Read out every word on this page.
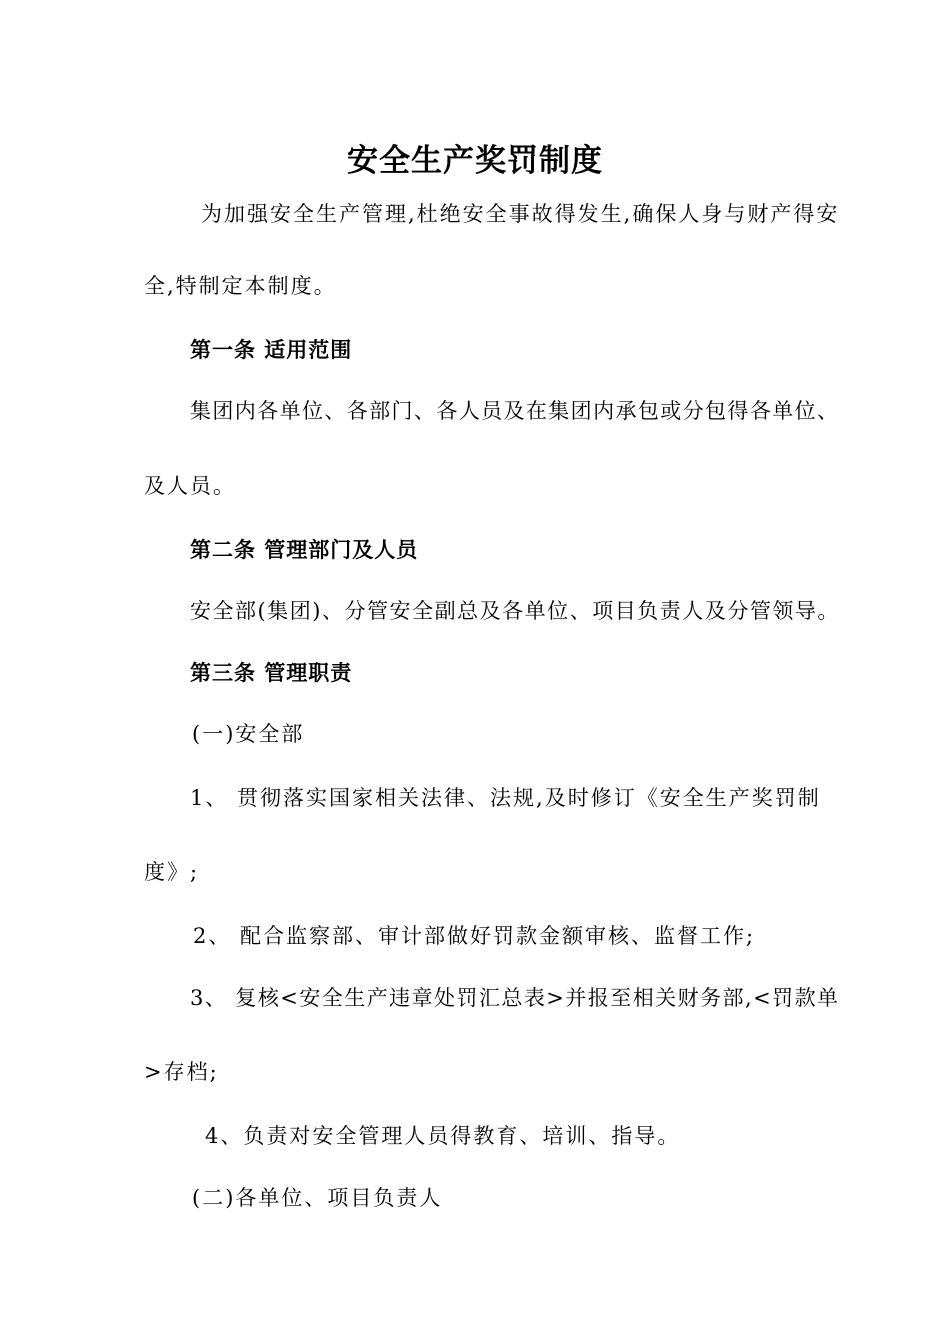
安全生产奖罚制度
为加强安全生产管理,杜绝安全事故得发生,确保人身与财产得安
全,特制定本制度。
第一条 适用范围
集团内各单位、各部门、各人员及在集团内承包或分包得各单位、
及人员。
第二条 管理部门及人员
安全部(集团)、分管安全副总及各单位、项目负责人及分管领导。
第三条 管理职责
(一)安全部
1、 贯彻落实国家相关法律、法规,及时修订《安全生产奖罚制
度》;
2、 配合监察部、审计部做好罚款金额审核、监督工作;
3、 复核<安全生产违章处罚汇总表>并报至相关财务部,<罚款单
>存档;
4、负责对安全管理人员得教育、培训、指导。
(二)各单位、项目负责人
